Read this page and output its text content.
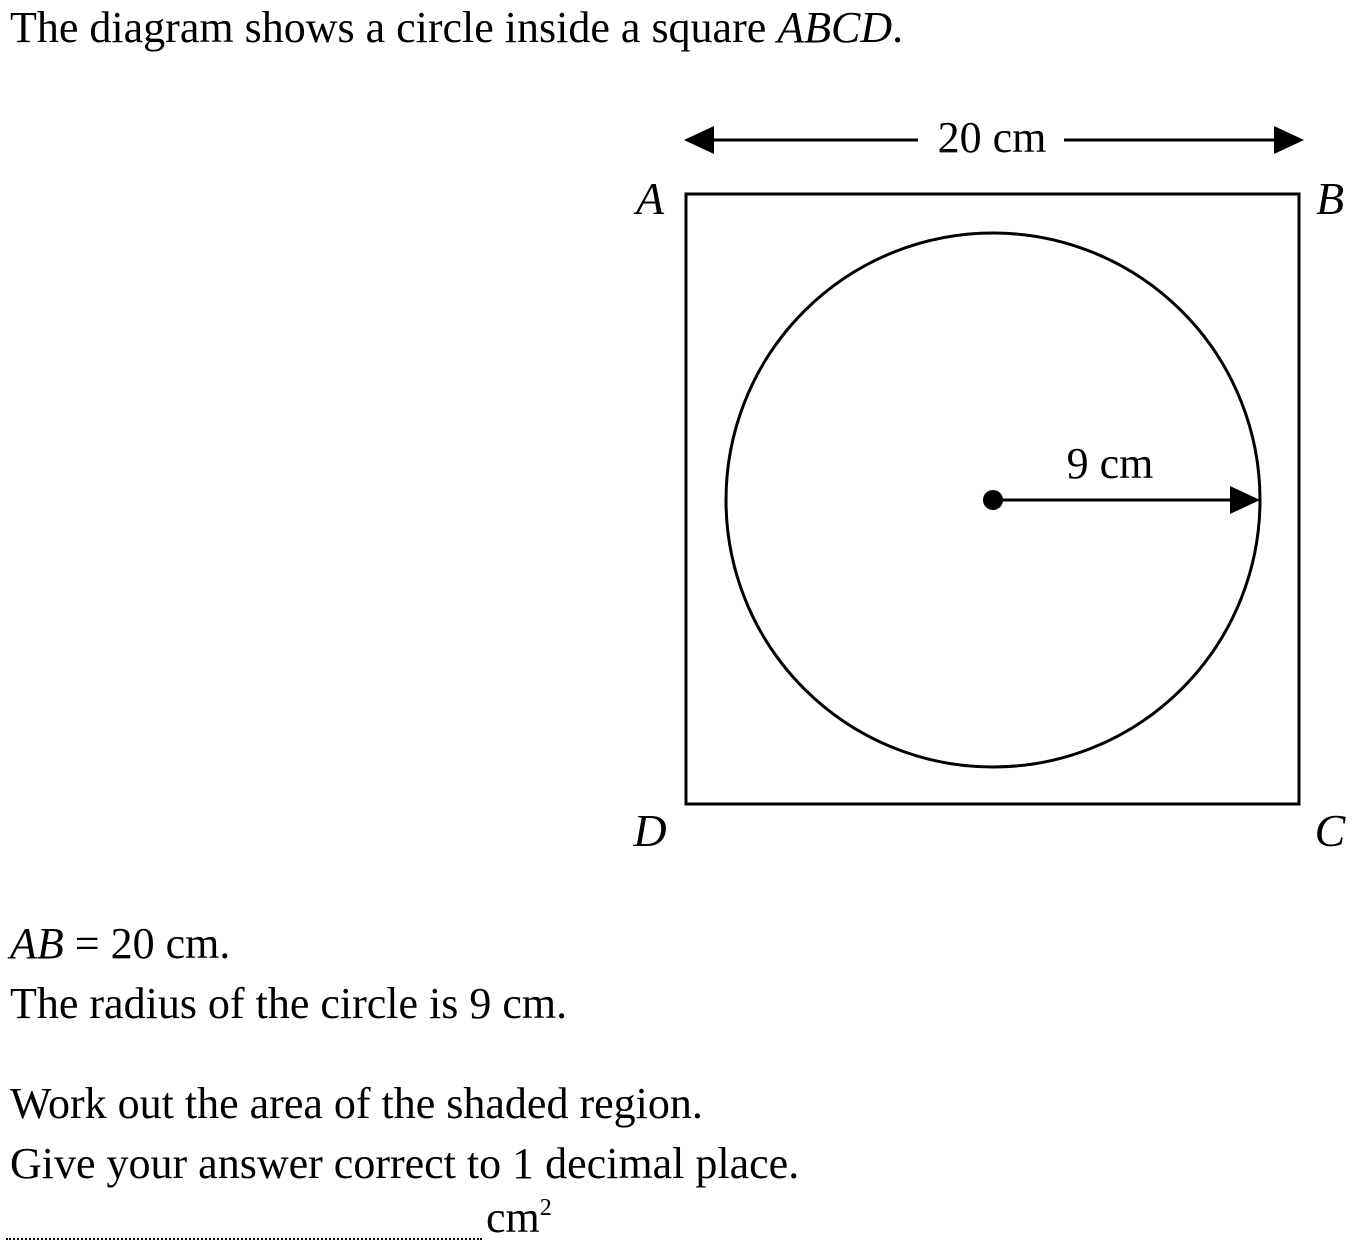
The diagram shows a circle inside a square ABCD.
20 cm
9 cm
A	B
C
D
AB = 20 cm.
The radius of the circle is 9 cm.
Work out the area of the shaded region.
Give your answer correct to 1 decimal place.
cm 2
